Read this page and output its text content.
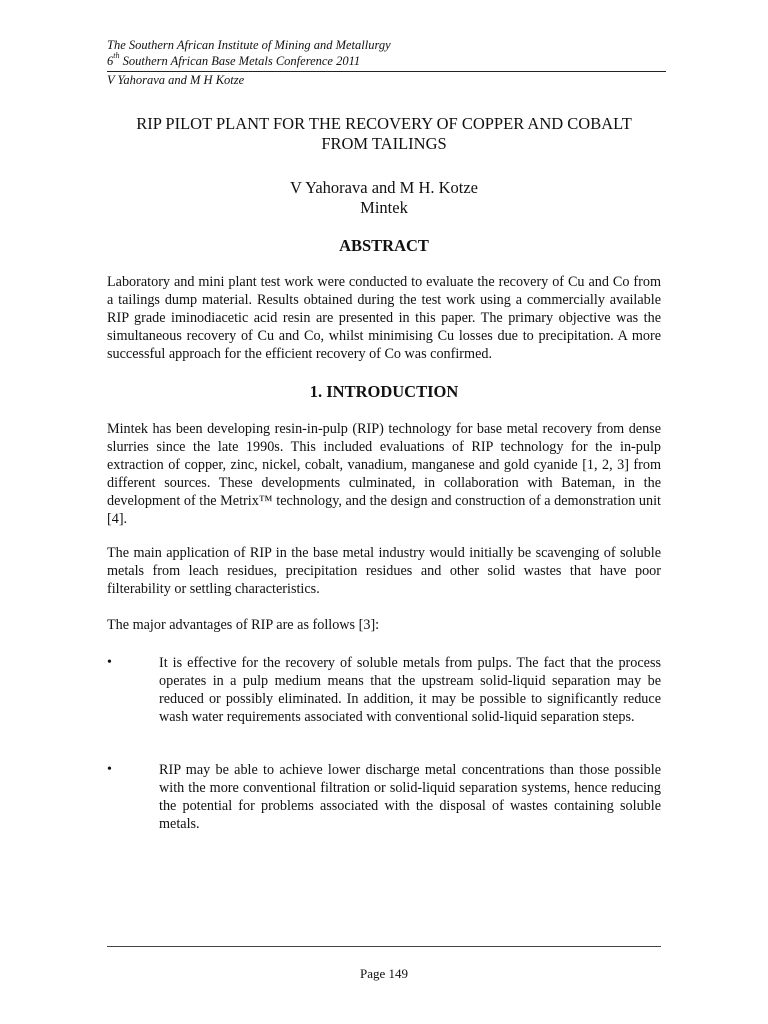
The Southern African Institute of Mining and Metallurgy
6th Southern African Base Metals Conference 2011
V Yahorava and M H Kotze
RIP PILOT PLANT FOR THE RECOVERY OF COPPER AND COBALT
FROM TAILINGS
V Yahorava and M H. Kotze
Mintek
ABSTRACT

Laboratory and mini plant test work were conducted to evaluate the recovery of Cu and Co from a tailings dump material. Results obtained during the test work using a commercially available RIP grade iminodiacetic acid resin are presented in this paper. The primary objective was the simultaneous recovery of Cu and Co, whilst minimising Cu losses due to precipitation. A more successful approach for the efficient recovery of Co was confirmed.

1. INTRODUCTION

Mintek has been developing resin-in-pulp (RIP) technology for base metal recovery from dense slurries since the late 1990s. This included evaluations of RIP technology for the in-pulp extraction of copper, zinc, nickel, cobalt, vanadium, manganese and gold cyanide [1, 2, 3] from different sources. These developments culminated, in collaboration with Bateman, in the development of the Metrix™ technology, and the design and construction of a demonstration unit [4].

The main application of RIP in the base metal industry would initially be scavenging of soluble metals from leach residues, precipitation residues and other solid wastes that have poor filterability or settling characteristics.

The major advantages of RIP are as follows [3]:

•	It is effective for the recovery of soluble metals from pulps. The fact that the process operates in a pulp medium means that the upstream solid-liquid separation may be reduced or possibly eliminated. In addition, it may be possible to significantly reduce wash water requirements associated with conventional solid-liquid separation steps.

•	RIP may be able to achieve lower discharge metal concentrations than those possible with the more conventional filtration or solid-liquid separation systems, hence reducing the potential for problems associated with the disposal of wastes containing soluble metals.

Page 149
